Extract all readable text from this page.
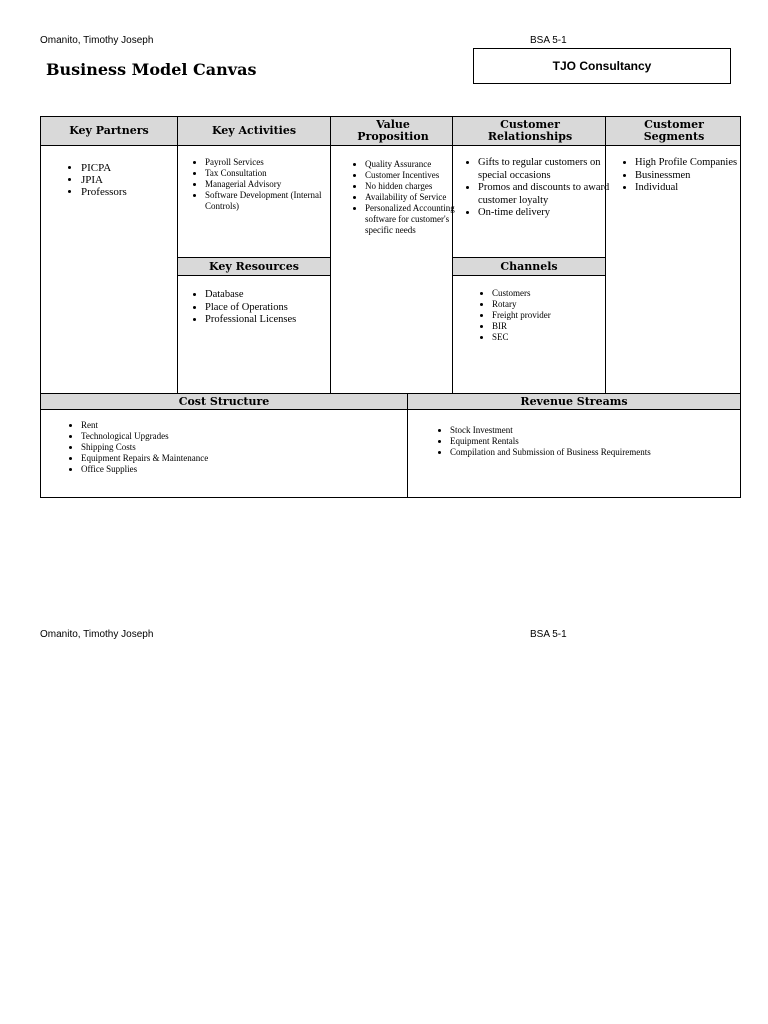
Omanito, Timothy Joseph	BSA 5-1
Business Model Canvas	TJO Consultancy
Key Partners	Key Activities	Value Proposition
Customer Relationships
Customer Segments
Key Resources	Channels
Cost Structure	Revenue Streams
• PICPA
• JPIA
• Professors
• Payroll Services
• Tax Consultation
• Managerial Advisory
• Software Development (Internal Controls)
• Database
• Place of Operations
• Professional Licenses
• Quality Assurance
• Customer Incentives
• No hidden charges
• Availability of Service
• Personalized Accounting software for customer's specific needs
• Gifts to regular customers on special occasions
• Promos and discounts to award customer loyalty
• On-time delivery
• Customers
• Rotary
• Freight provider
• BIR
• SEC
• High Profile Companies
• Businessmen
• Individual
• Rent
• Technological Upgrades
• Shipping Costs
• Equipment Repairs & Maintenance
• Office Supplies
• Stock Investment
• Equipment Rentals
• Compilation and Submission of Business Requirements
Omanito, Timothy Joseph	BSA 5-1
